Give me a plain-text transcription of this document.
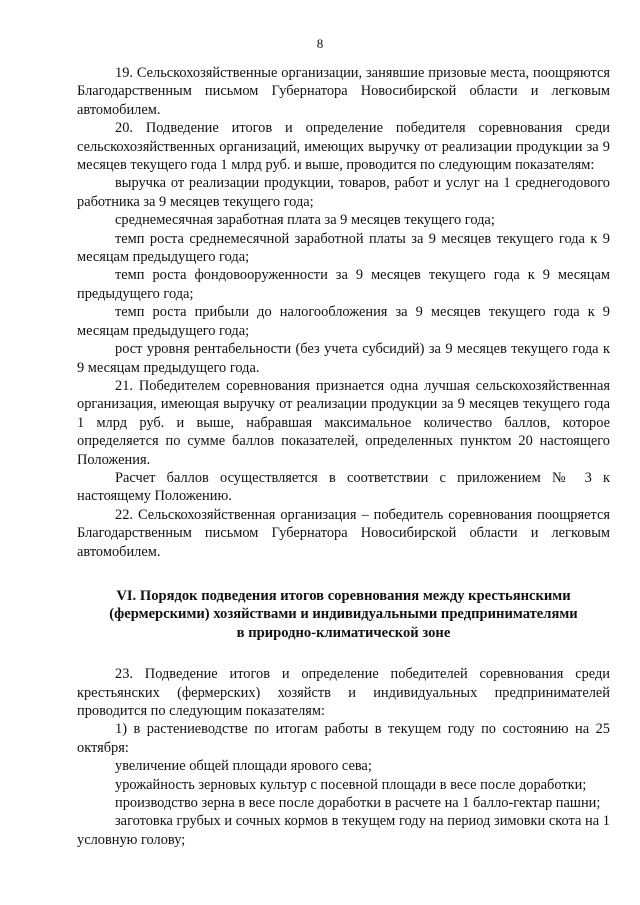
8

19. Сельскохозяйственные организации, занявшие призовые места, поощряются Благодарственным письмом Губернатора Новосибирской области и легковым автомобилем.

20. Подведение итогов и определение победителя соревнования среди сельскохозяйственных организаций, имеющих выручку от реализации продукции за 9 месяцев текущего года 1 млрд руб. и выше, проводится по следующим показателям:

выручка от реализации продукции, товаров, работ и услуг на 1 среднегодового работника за 9 месяцев текущего года;

среднемесячная заработная плата за 9 месяцев текущего года;

темп роста среднемесячной заработной платы за 9 месяцев текущего года к 9 месяцам предыдущего года;

темп роста фондовооруженности за 9 месяцев текущего года к 9 месяцам предыдущего года;

темп роста прибыли до налогообложения за 9 месяцев текущего года к 9 месяцам предыдущего года;

рост уровня рентабельности (без учета субсидий) за 9 месяцев текущего года к 9 месяцам предыдущего года.

21. Победителем соревнования признается одна лучшая сельскохозяйственная организация, имеющая выручку от реализации продукции за 9 месяцев текущего года 1 млрд руб. и выше, набравшая максимальное количество баллов, которое определяется по сумме баллов показателей, определенных пунктом 20 настоящего Положения.

Расчет баллов осуществляется в соответствии с приложением № 3 к настоящему Положению.

22. Сельскохозяйственная организация – победитель соревнования поощряется Благодарственным письмом Губернатора Новосибирской области и легковым автомобилем.

VI. Порядок подведения итогов соревнования между крестьянскими
(фермерскими) хозяйствами и индивидуальными предпринимателями
в природно-климатической зоне

23. Подведение итогов и определение победителей соревнования среди крестьянских (фермерских) хозяйств и индивидуальных предпринимателей проводится по следующим показателям:

1) в растениеводстве по итогам работы в текущем году по состоянию на 25 октября:

увеличение общей площади ярового сева;

урожайность зерновых культур с посевной площади в весе после доработки;

производство зерна в весе после доработки в расчете на 1 балло-гектар пашни;

заготовка грубых и сочных кормов в текущем году на период зимовки скота на 1 условную голову;
